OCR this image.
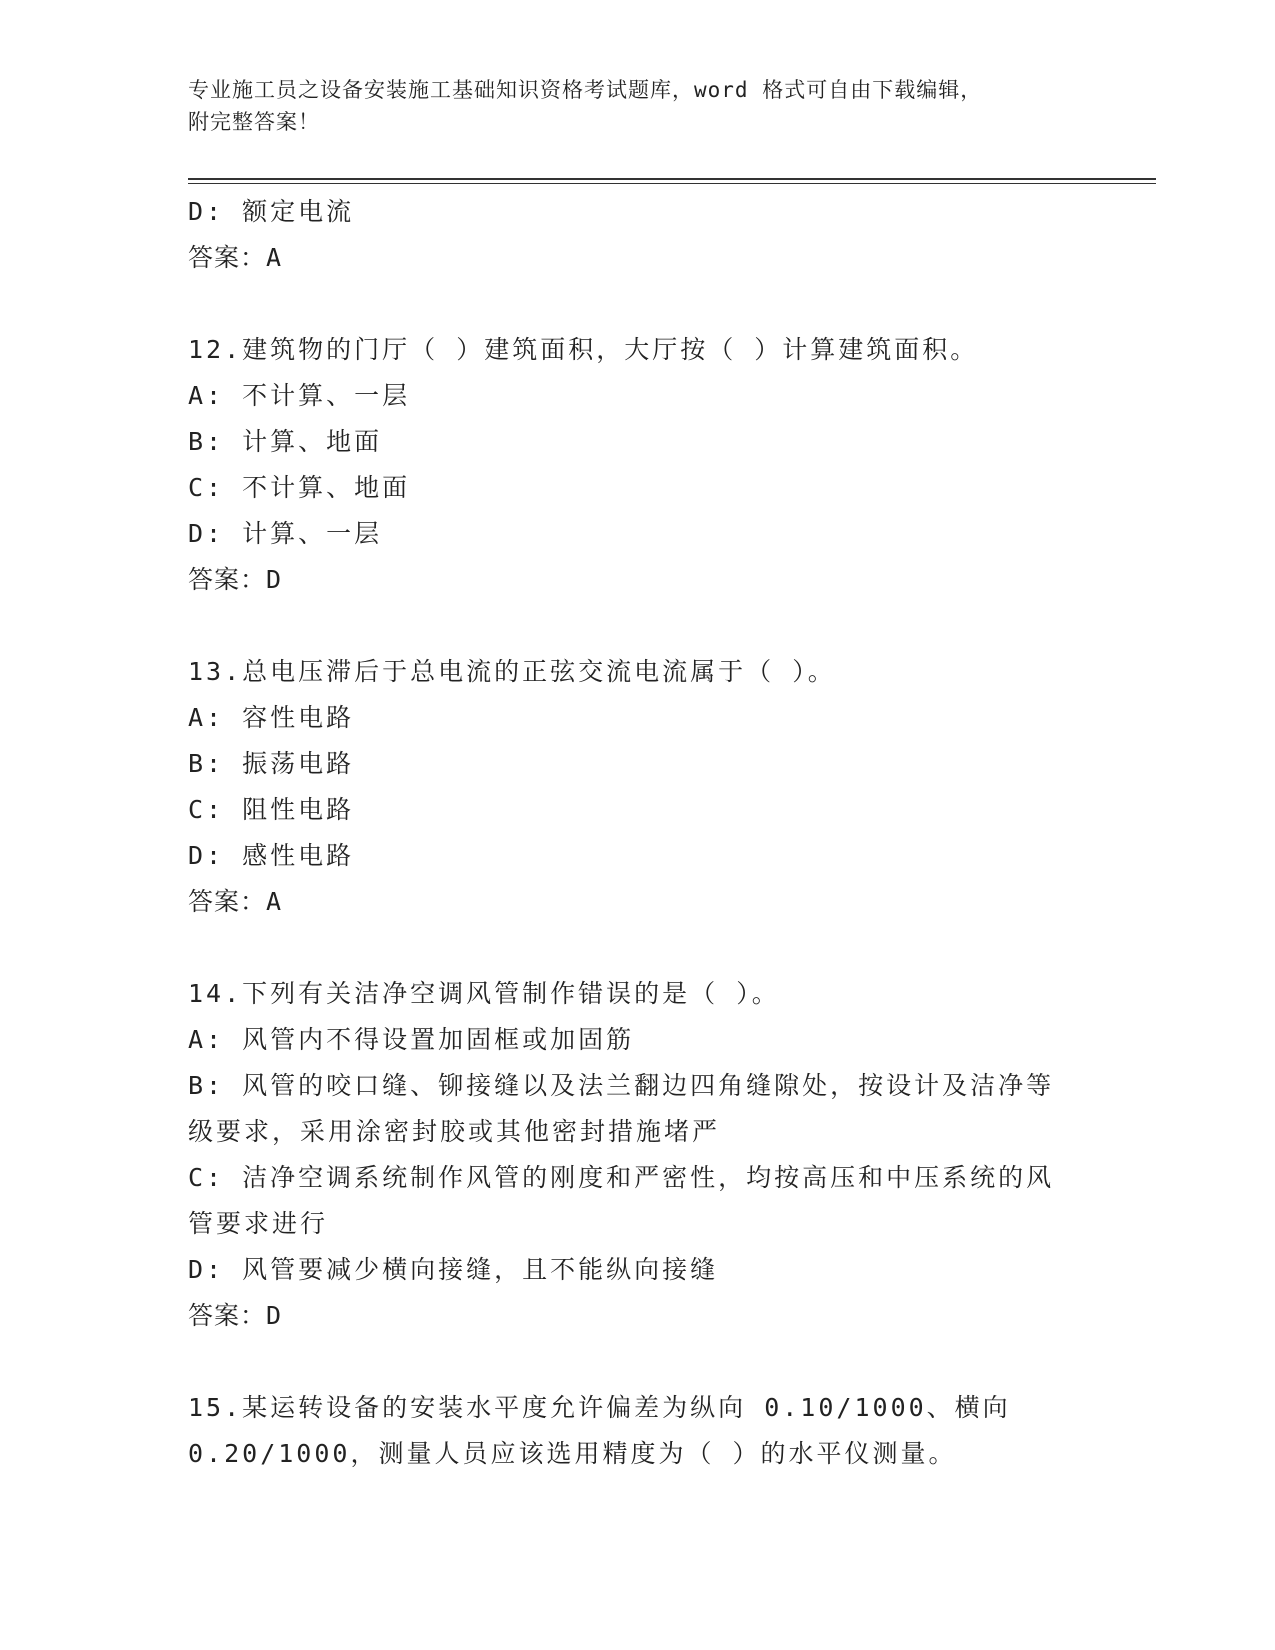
专业施工员之设备安装施工基础知识资格考试题库，word 格式可自由下载编辑，
附完整答案！
D: 额定电流
答案：A
12.建筑物的门厅（ ）建筑面积，大厅按（ ）计算建筑面积。
A: 不计算、一层
B: 计算、地面
C: 不计算、地面
D: 计算、一层
答案：D
13.总电压滞后于总电流的正弦交流电流属于（ ）。
A: 容性电路
B: 振荡电路
C: 阻性电路
D: 感性电路
答案：A
14.下列有关洁净空调风管制作错误的是（ ）。
A: 风管内不得设置加固框或加固筋
B: 风管的咬口缝、铆接缝以及法兰翻边四角缝隙处，按设计及洁净等
级要求，采用涂密封胶或其他密封措施堵严
C: 洁净空调系统制作风管的刚度和严密性，均按高压和中压系统的风
管要求进行
D: 风管要减少横向接缝，且不能纵向接缝
答案：D
15.某运转设备的安装水平度允许偏差为纵向 0.10/1000、横向
0.20/1000，测量人员应该选用精度为（ ）的水平仪测量。
